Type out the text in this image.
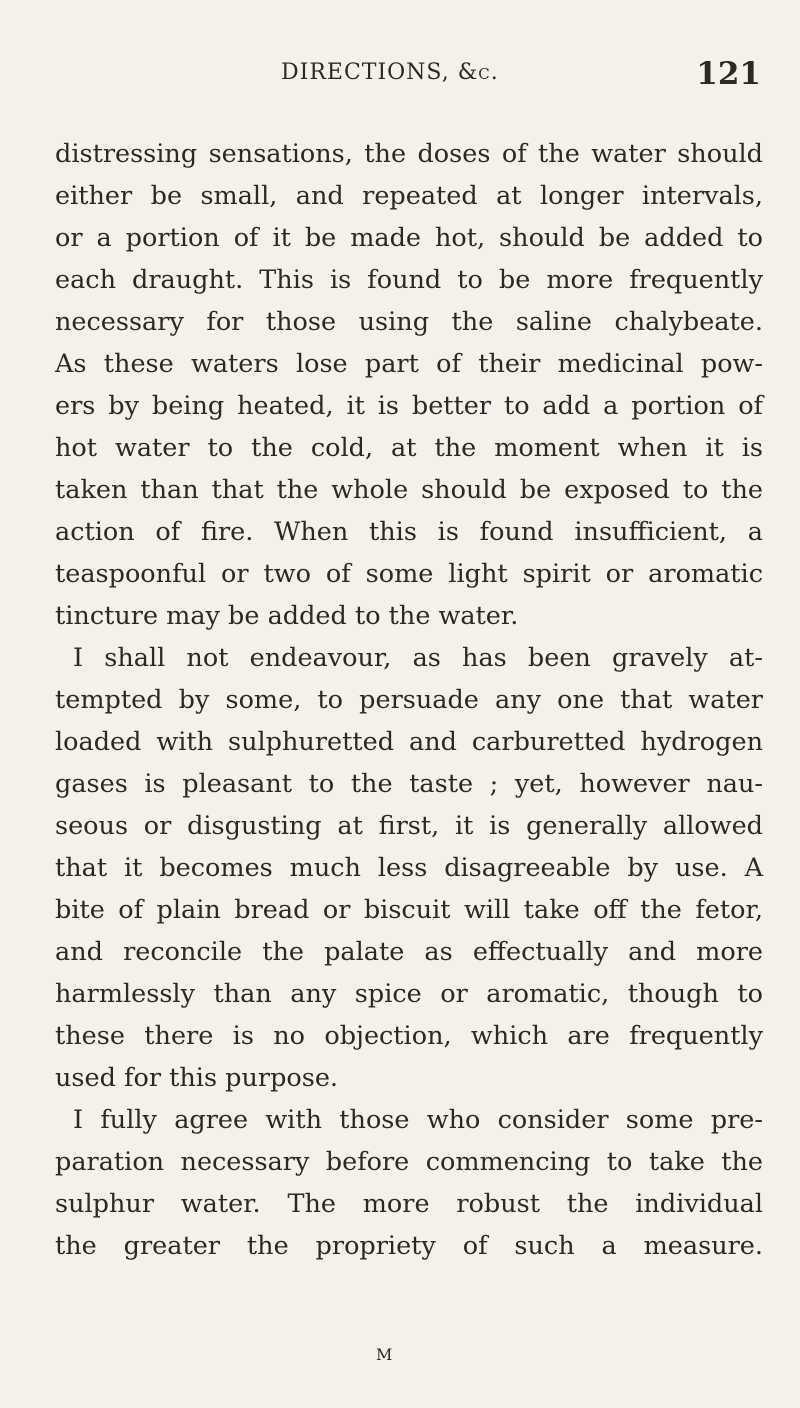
DIRECTIONS, &c.	121
distressing sensations, the doses of the water should
either be small, and repeated at longer intervals,
or a portion of it be made hot, should be added to
each draught. This is found to be more frequently
necessary for those using the saline chalybeate.
As these waters lose part of their medicinal pow-
ers by being heated, it is better to add a portion of
hot water to the cold, at the moment when it is
taken than that the whole should be exposed to the
action of fire. When this is found insufficient, a
teaspoonful or two of some light spirit or aromatic
tincture may be added to the water.
I shall not endeavour, as has been gravely at-
tempted by some, to persuade any one that water
loaded with sulphuretted and carburetted hydrogen
gases is pleasant to the taste ; yet, however nau-
seous or disgusting at first, it is generally allowed
that it becomes much less disagreeable by use. A
bite of plain bread or biscuit will take off the fetor,
and reconcile the palate as effectually and more
harmlessly than any spice or aromatic, though to
these there is no objection, which are frequently
used for this purpose.
I fully agree with those who consider some pre-
paration necessary before commencing to take the
sulphur water. The more robust the individual
the greater the propriety of such a measure.
M
